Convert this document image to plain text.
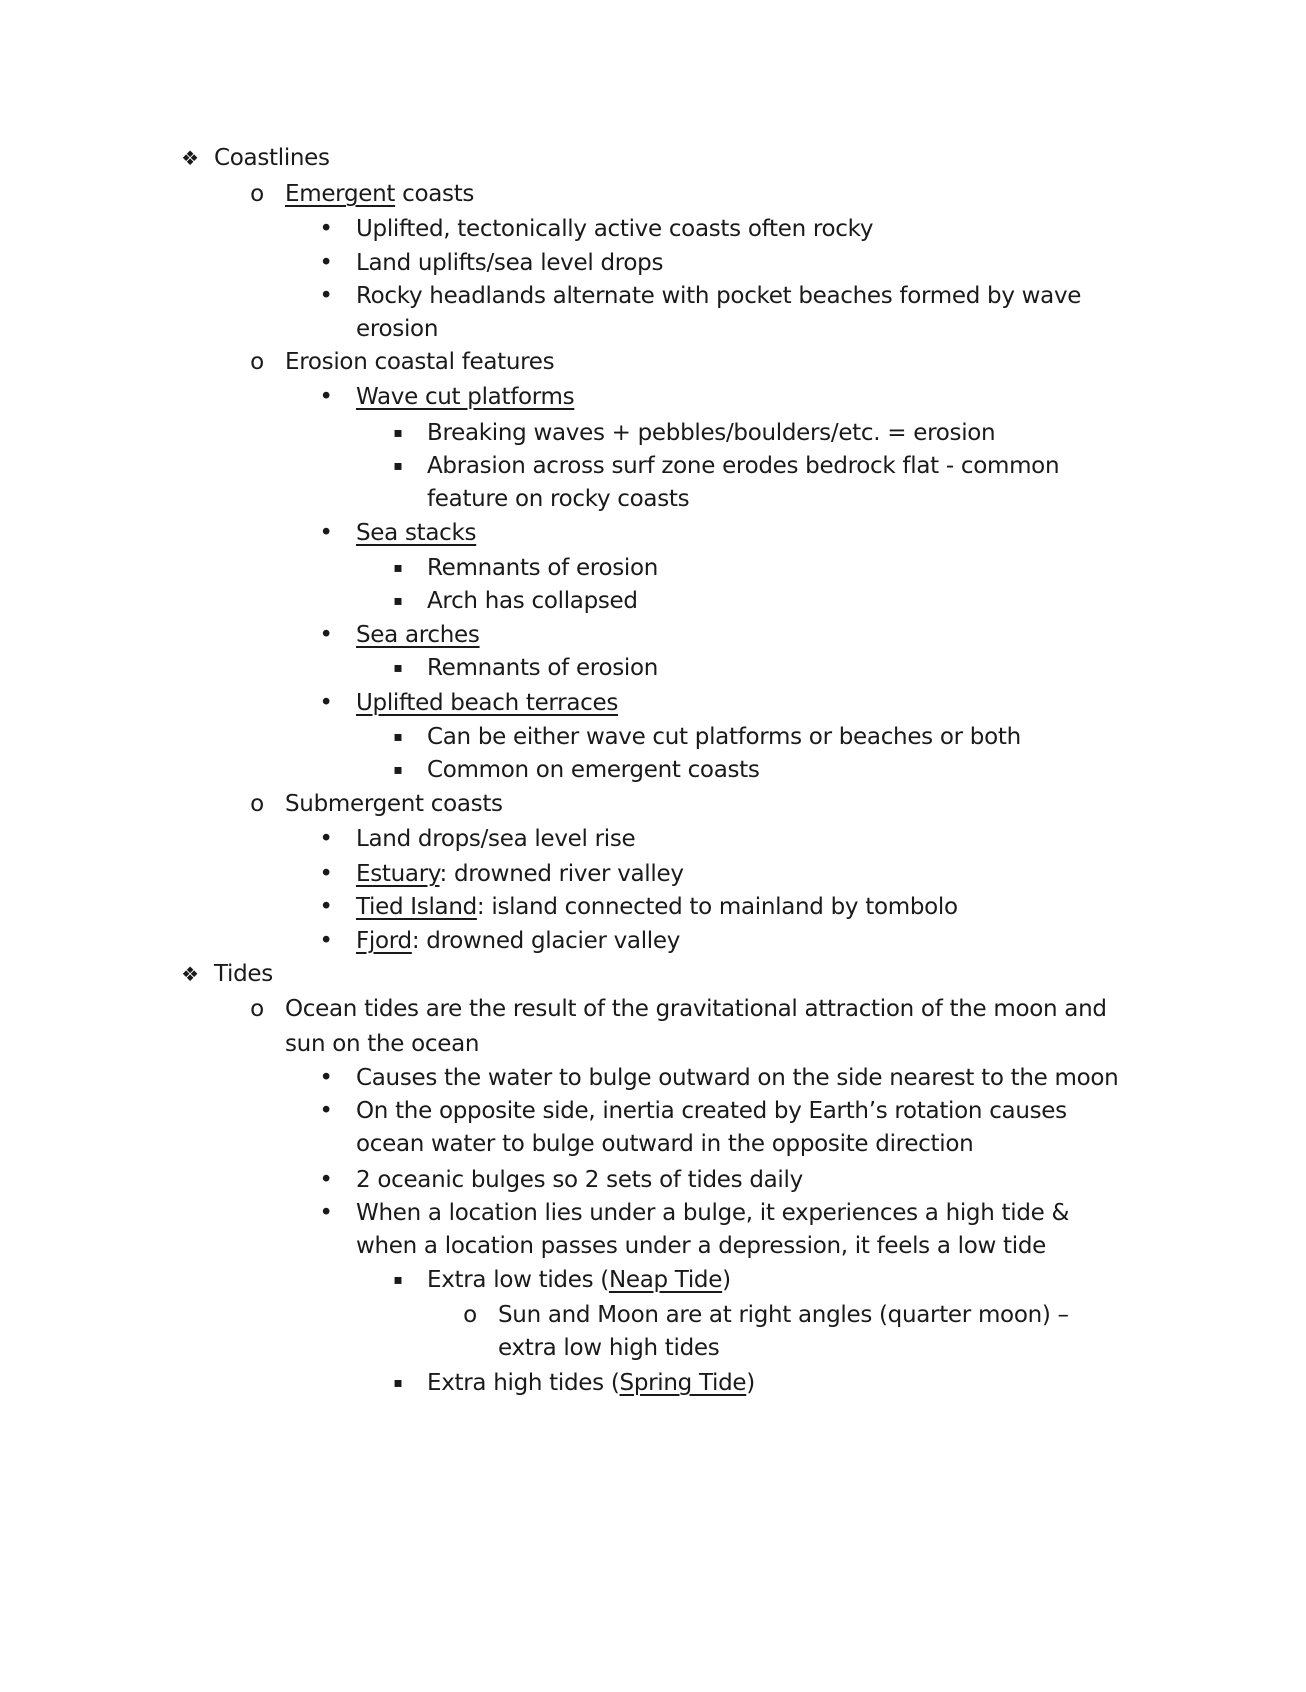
❖ Coastlines
o Emergent coasts
• Uplifted, tectonically active coasts often rocky
• Land uplifts/sea level drops
• Rocky headlands alternate with pocket beaches formed by wave
erosion
o Erosion coastal features
• Wave cut platforms
▪	Breaking waves + pebbles/boulders/etc. = erosion
▪	Abrasion across surf zone erodes bedrock flat - common
feature on rocky coasts
• Sea stacks
▪	Remnants of erosion
▪	Arch has collapsed
• Sea arches
▪	Remnants of erosion
• Uplifted beach terraces
▪	Can be either wave cut platforms or beaches or both
▪	Common on emergent coasts
o Submergent coasts
• Land drops/sea level rise
• Estuary: drowned river valley
• Tied Island: island connected to mainland by tombolo
• Fjord: drowned glacier valley
❖ Tides
o Ocean tides are the result of the gravitational attraction of the moon and
sun on the ocean
• Causes the water to bulge outward on the side nearest to the moon
• On the opposite side, inertia created by Earth’s rotation causes
ocean water to bulge outward in the opposite direction
• 2 oceanic bulges so 2 sets of tides daily
• When a location lies under a bulge, it experiences a high tide &
when a location passes under a depression, it feels a low tide
▪	Extra low tides (Neap Tide)
o Sun and Moon are at right angles (quarter moon) –
extra low high tides
▪	Extra high tides (Spring Tide)
